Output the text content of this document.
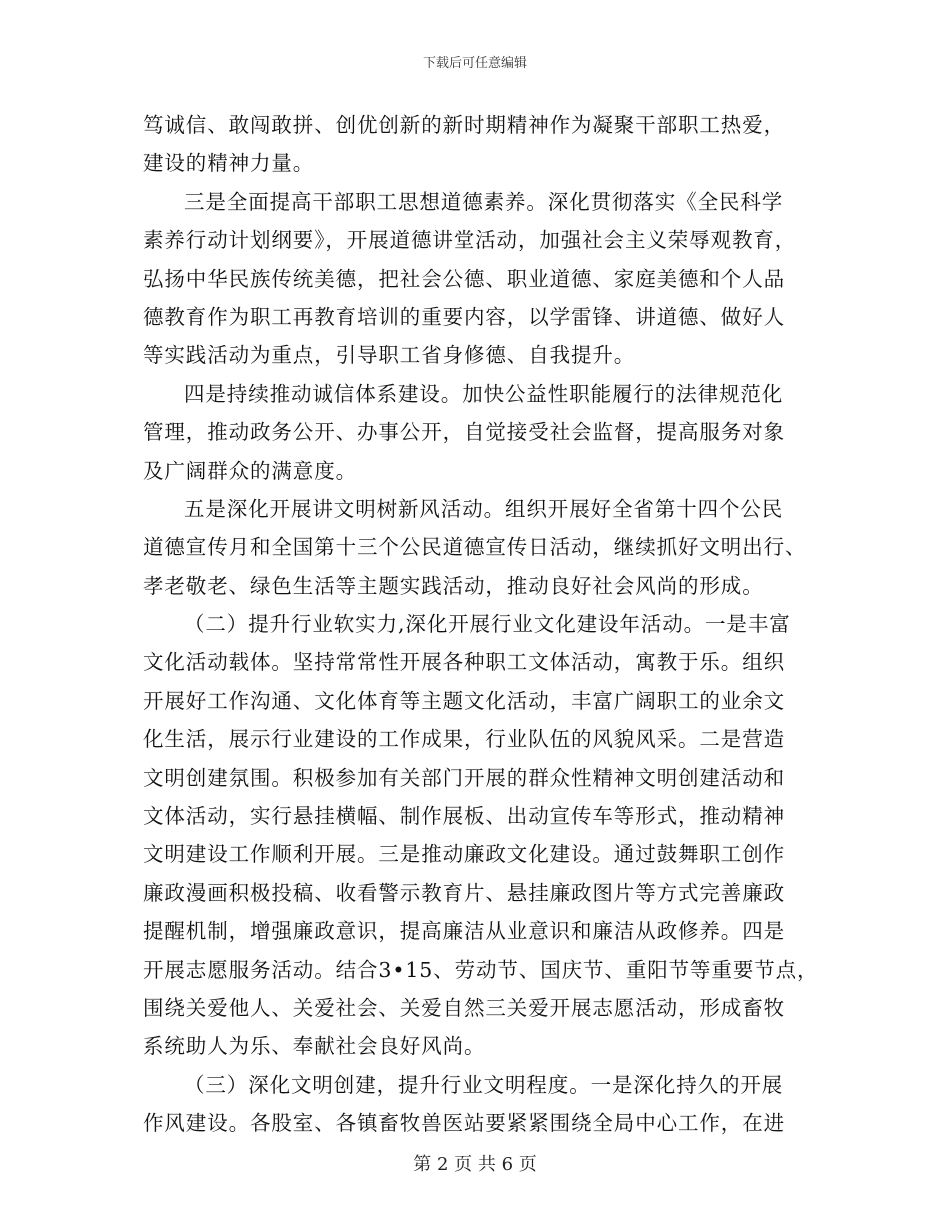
下载后可任意编辑
笃诚信、敢闯敢拼、创优创新的新时期精神作为凝聚干部职工热爱，
建设的精神力量。
三是全面提高干部职工思想道德素养。深化贯彻落实《全民科学
素养行动计划纲要》，开展道德讲堂活动，加强社会主义荣辱观教育，
弘扬中华民族传统美德，把社会公德、职业道德、家庭美德和个人品
德教育作为职工再教育培训的重要内容，以学雷锋、讲道德、做好人
等实践活动为重点，引导职工省身修德、自我提升。
四是持续推动诚信体系建设。加快公益性职能履行的法律规范化
管理，推动政务公开、办事公开，自觉接受社会监督，提高服务对象
及广阔群众的满意度。
五是深化开展讲文明树新风活动。组织开展好全省第十四个公民
道德宣传月和全国第十三个公民道德宣传日活动，继续抓好文明出行、
孝老敬老、绿色生活等主题实践活动，推动良好社会风尚的形成。
（二）提升行业软实力,深化开展行业文化建设年活动。一是丰富
文化活动载体。坚持常常性开展各种职工文体活动，寓教于乐。组织
开展好工作沟通、文化体育等主题文化活动，丰富广阔职工的业余文
化生活，展示行业建设的工作成果，行业队伍的风貌风采。二是营造
文明创建氛围。积极参加有关部门开展的群众性精神文明创建活动和
文体活动，实行悬挂横幅、制作展板、出动宣传车等形式，推动精神
文明建设工作顺利开展。三是推动廉政文化建设。通过鼓舞职工创作
廉政漫画积极投稿、收看警示教育片、悬挂廉政图片等方式完善廉政
提醒机制，增强廉政意识，提高廉洁从业意识和廉洁从政修养。四是
开展志愿服务活动。结合3•15、劳动节、国庆节、重阳节等重要节点，
围绕关爱他人、关爱社会、关爱自然三关爱开展志愿活动，形成畜牧
系统助人为乐、奉献社会良好风尚。
（三）深化文明创建，提升行业文明程度。一是深化持久的开展
作风建设。各股室、各镇畜牧兽医站要紧紧围绕全局中心工作，在进
第 2 页 共 6 页
